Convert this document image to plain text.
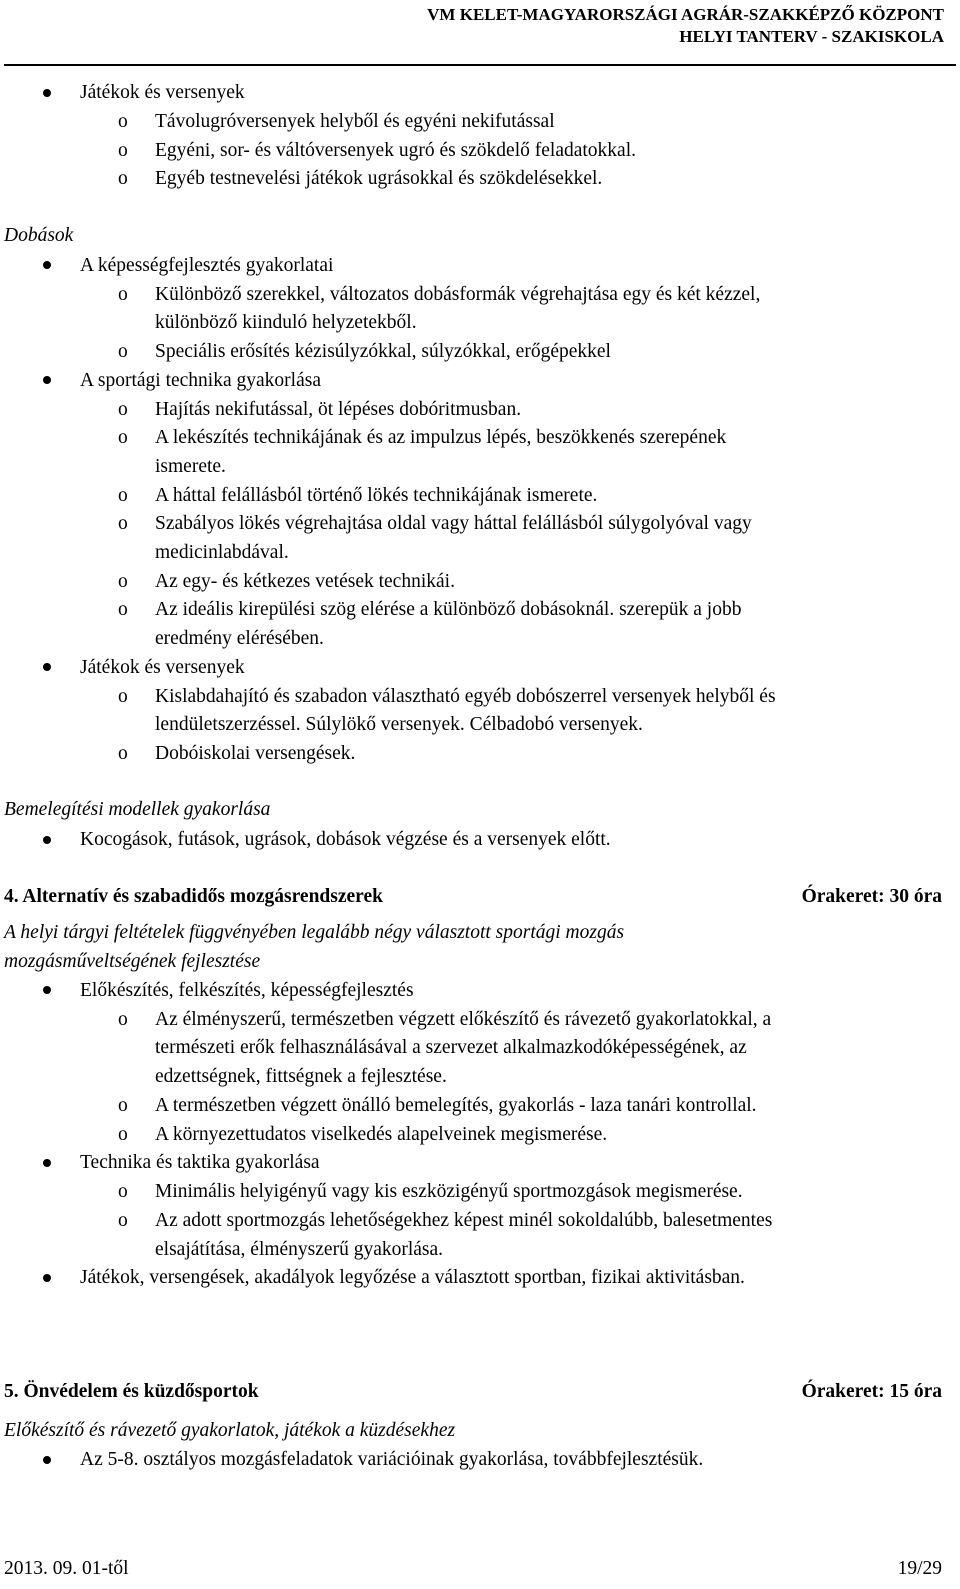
VM KELET-MAGYARORSZÁGI AGRÁR-SZAKKÉPZŐ KÖZPONT
HELYI TANTERV - SZAKISKOLA
Játékok és versenyek
o Távolugróversenyek helyből és egyéni nekifutással
o Egyéni, sor- és váltóversenyek ugró és szökdelő feladatokkal.
o Egyéb testnevelési játékok ugrásokkal és szökdelésekkel.
Dobások
A képességfejlesztés gyakorlatai
o Különböző szerekkel, változatos dobásformák végrehajtása egy és két kézzel,
különböző kiinduló helyzetekből.
o Speciális erősítés kézisúlyzókkal, súlyzókkal, erőgépekkel
A sportági technika gyakorlása
o Hajítás nekifutással, öt lépéses dobóritmusban.
o A lekészítés technikájának és az impulzus lépés, beszökkenés szerepének
ismerete.
o A háttal felállásból történő lökés technikájának ismerete.
o Szabályos lökés végrehajtása oldal vagy háttal felállásból súlygolyóval vagy
medicinlabdával.
o Az egy- és kétkezes vetések technikái.
o Az ideális kirepülési szög elérése a különböző dobásoknál. szerepük a jobb
eredmény elérésében.
Játékok és versenyek
o Kislabdahajító és szabadon választható egyéb dobószerrel versenyek helyből és
lendületszerzéssel. Súlylökő versenyek. Célbadobó versenyek.
o Dobóiskolai versengések.
Bemelegítési modellek gyakorlása
Kocogások, futások, ugrások, dobások végzése és a versenyek előtt.
4. Alternatív és szabadidős mozgásrendszerek	Órakeret: 30 óra
A helyi tárgyi feltételek függvényében legalább négy választott sportági mozgás
mozgásműveltségének fejlesztése
Előkészítés, felkészítés, képességfejlesztés
o Az élményszerű, természetben végzett előkészítő és rávezető gyakorlatokkal, a
természeti erők felhasználásával a szervezet alkalmazkodóképességének, az
edzettségnek, fittségnek a fejlesztése.
o A természetben végzett önálló bemelegítés, gyakorlás - laza tanári kontrollal.
o A környezettudatos viselkedés alapelveinek megismerése.
Technika és taktika gyakorlása
o Minimális helyigényű vagy kis eszközigényű sportmozgások megismerése.
o Az adott sportmozgás lehetőségekhez képest minél sokoldalúbb, balesetmentes
elsajátítása, élményszerű gyakorlása.
Játékok, versengések, akadályok legyőzése a választott sportban, fizikai aktivitásban.
5. Önvédelem és küzdősportok	Órakeret: 15 óra
Előkészítő és rávezető gyakorlatok, játékok a küzdésekhez
Az 5-8. osztályos mozgásfeladatok variációinak gyakorlása, továbbfejlesztésük.
2013. 09. 01-től	19/29
